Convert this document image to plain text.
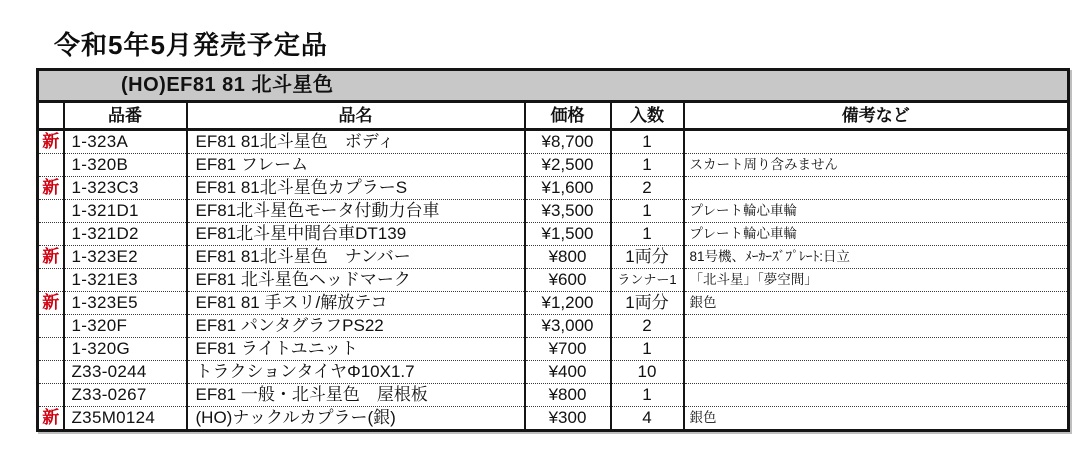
令和5年5月発売予定品
(HO)EF81 81 北斗星色					
	品番	品名	価格	入数	備考など
新	1-323A	EF81 81北斗星色　ボディ	¥8,700	1	
	1-320B	EF81 フレーム	¥2,500	1	スカート周り含みません
新	1-323C3	EF81 81北斗星色カプラーS	¥1,600	2	
	1-321D1	EF81北斗星色モータ付動力台車	¥3,500	1	プレート輪心車輪
	1-321D2	EF81北斗星中間台車DT139	¥1,500	1	プレート輪心車輪
新	1-323E2	EF81 81北斗星色　ナンバー	¥800	1両分	81号機、ﾒｰｶｰｽﾞﾌﾟﾚｰﾄ:日立
	1-321E3	EF81 北斗星色ヘッドマーク	¥600	ランナー1	「北斗星」「夢空間」
新	1-323E5	EF81 81 手スリ/解放テコ	¥1,200	1両分	銀色
	1-320F	EF81 パンタグラフPS22	¥3,000	2	
	1-320G	EF81 ライトユニット	¥700	1	
	Z33-0244	トラクションタイヤΦ10X1.7	¥400	10	
	Z33-0267	EF81 一般・北斗星色　屋根板	¥800	1	
新	Z35M0124	(HO)ナックルカプラー(銀)	¥300	4	銀色
